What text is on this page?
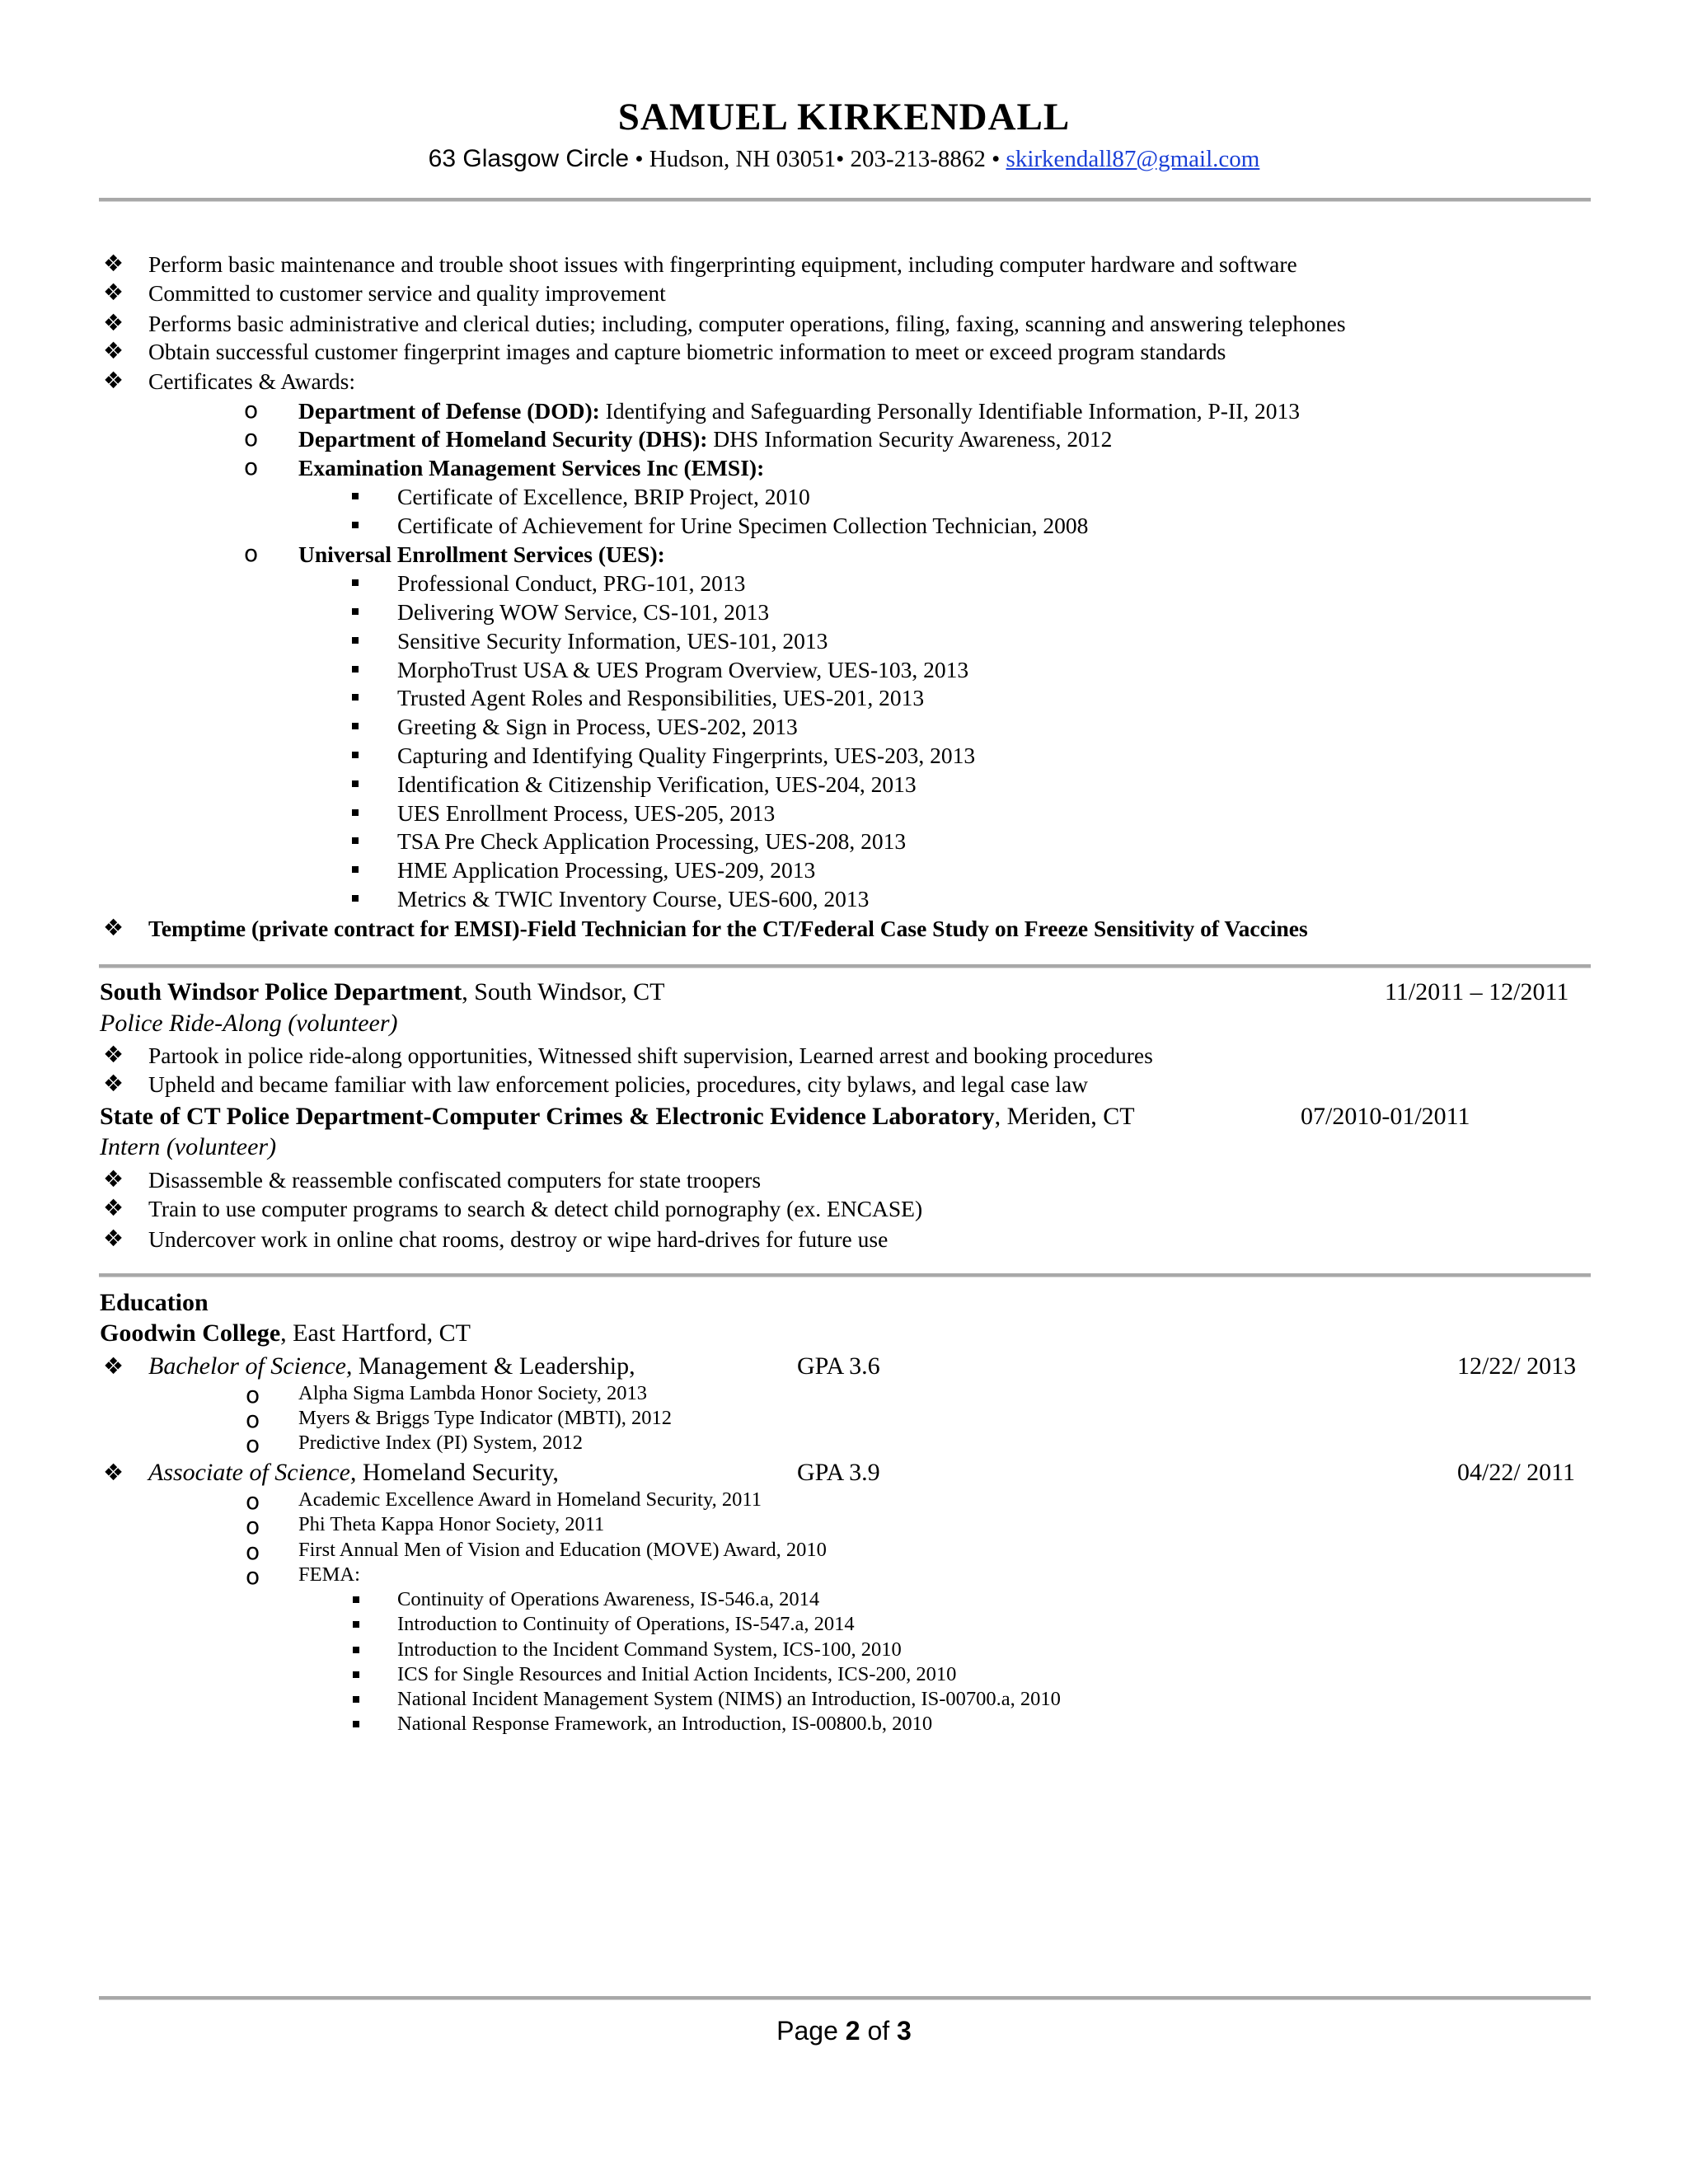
SAMUEL KIRKENDALL
63 Glasgow Circle • Hudson, NH 03051• 203-213-8862 • skirkendall87@gmail.com
❖ Perform basic maintenance and trouble shoot issues with fingerprinting equipment, including computer hardware and software
❖ Committed to customer service and quality improvement
❖ Performs basic administrative and clerical duties; including, computer operations, filing, faxing, scanning and answering telephones
❖ Obtain successful customer fingerprint images and capture biometric information to meet or exceed program standards
❖ Certificates & Awards:
o Department of Defense (DOD): Identifying and Safeguarding Personally Identifiable Information, P-II, 2013
o Department of Homeland Security (DHS): DHS Information Security Awareness, 2012
o Examination Management Services Inc (EMSI):
Certificate of Excellence, BRIP Project, 2010
Certificate of Achievement for Urine Specimen Collection Technician, 2008
o Universal Enrollment Services (UES):
Professional Conduct, PRG-101, 2013
Delivering WOW Service, CS-101, 2013
Sensitive Security Information, UES-101, 2013
MorphoTrust USA & UES Program Overview, UES-103, 2013
Trusted Agent Roles and Responsibilities, UES-201, 2013
Greeting & Sign in Process, UES-202, 2013
Capturing and Identifying Quality Fingerprints, UES-203, 2013
Identification & Citizenship Verification, UES-204, 2013
UES Enrollment Process, UES-205, 2013
TSA Pre Check Application Processing, UES-208, 2013
HME Application Processing, UES-209, 2013
Metrics & TWIC Inventory Course, UES-600, 2013
❖ Temptime (private contract for EMSI)-Field Technician for the CT/Federal Case Study on Freeze Sensitivity of Vaccines
South Windsor Police Department, South Windsor, CT	11/2011 – 12/2011
Police Ride-Along (volunteer)
❖ Partook in police ride-along opportunities, Witnessed shift supervision, Learned arrest and booking procedures
❖ Upheld and became familiar with law enforcement policies, procedures, city bylaws, and legal case law
State of CT Police Department-Computer Crimes & Electronic Evidence Laboratory, Meriden, CT	07/2010-01/2011
Intern (volunteer)
❖ Disassemble & reassemble confiscated computers for state troopers
❖ Train to use computer programs to search & detect child pornography (ex. ENCASE)
❖ Undercover work in online chat rooms, destroy or wipe hard-drives for future use
Education
Goodwin College, East Hartford, CT
❖ Bachelor of Science, Management & Leadership,	GPA 3.6	12/22/ 2013
o Alpha Sigma Lambda Honor Society, 2013
o Myers & Briggs Type Indicator (MBTI), 2012
o Predictive Index (PI) System, 2012
❖ Associate of Science, Homeland Security,	GPA 3.9	04/22/ 2011
o Academic Excellence Award in Homeland Security, 2011
o Phi Theta Kappa Honor Society, 2011
o First Annual Men of Vision and Education (MOVE) Award, 2010
o FEMA:
Continuity of Operations Awareness, IS-546.a, 2014
Introduction to Continuity of Operations, IS-547.a, 2014
Introduction to the Incident Command System, ICS-100, 2010
ICS for Single Resources and Initial Action Incidents, ICS-200, 2010
National Incident Management System (NIMS) an Introduction, IS-00700.a, 2010
National Response Framework, an Introduction, IS-00800.b, 2010
Page 2 of 3
